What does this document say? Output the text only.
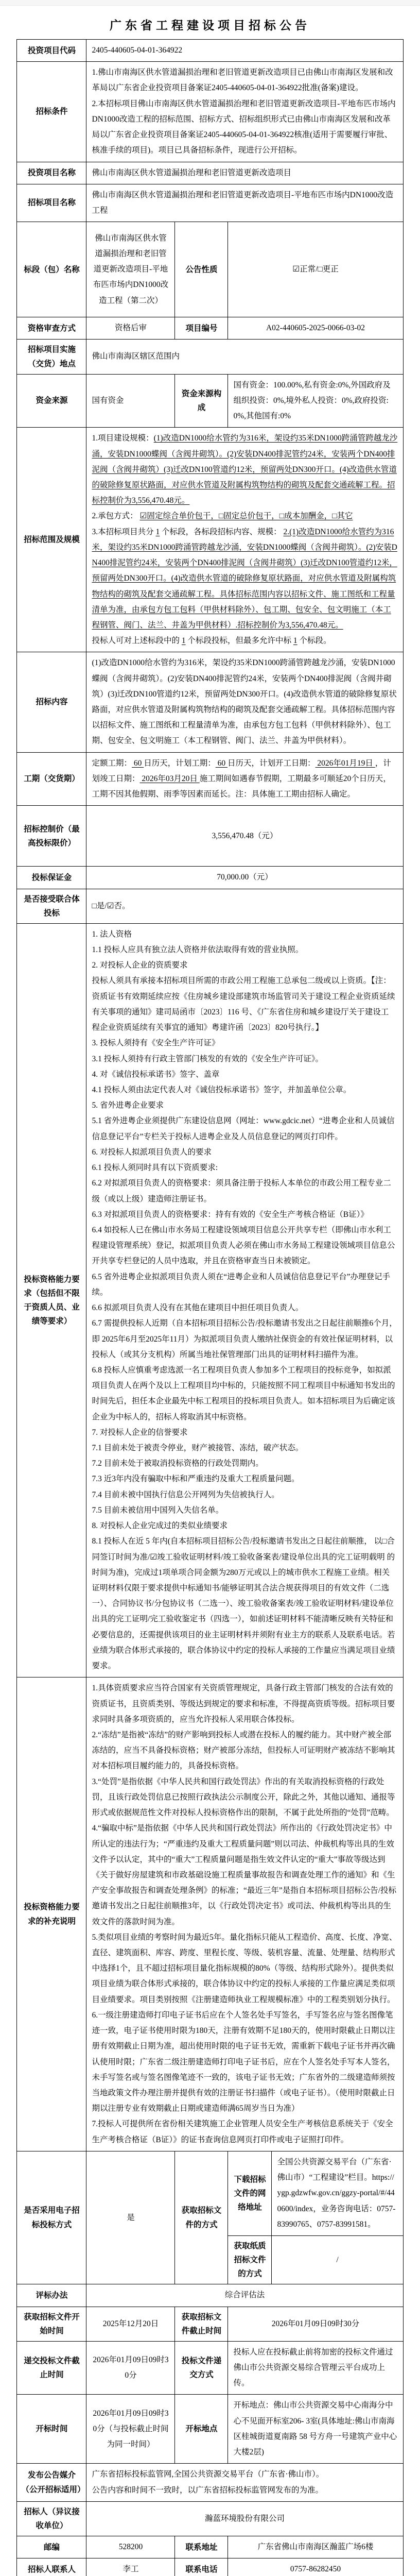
广东省工程建设项目招标公告
投资项目代码	2405-440605-04-01-364922			
招标条件	1.佛山市南海区供水管道漏损治理和老旧管道更新改造项目已由佛山市南海区发展和改革局以广东省企业投资项目备案证2405-440605-04-01-364922批准(备案)建设。

2.本招标项目佛山市南海区供水管道漏损治理和老旧管道更新改造项目-平地布匹市场内DN1000改造工程的招标范围、招标方式、招标组织形式已由佛山市南海区发展和改革局以广东省企业投资项目备案证2405-440605-04-01-364922核准(适用于需要履行审批、核准手续的项目)。项目已具备招标条件，现进行公开招标。			

投资项目名称	佛山市南海区供水管道漏损治理和老旧管道更新改造项目			
招标项目名称	佛山市南海区供水管道漏损治理和老旧管道更新改造项目-平地布匹市场内DN1000改造工程			
标段（包）名称	佛山市南海区供水管道漏损治理和老旧管道更新改造项目-平地布匹市场内DN1000改造工程（第二次）	公告性质	☑正常/□更正	
资格审查方式	资格后审	项目编号	A02-440605-2025-0066-03-02	
招标项目实施（交货）地点	佛山市南海区辖区范围内			
资金来源	国有资金	资金来源构成	国有资金：100.00%,私有资金:0%,外国政府及组织投资：0%,境外私人投资：0%,政府投资:0%,其他国有:0%	
招标范围及规模	1.项目建设规模：(1)改造DN1000给水管约为316米，架设约35米DN1000跨涌管跨越龙沙涌，安装DN1000蝶阀（含阀井砌筑）。(2)安装DN400排泥管约24米，安装两个DN400排泥阀（含阀井砌筑）(3)迁改DN100管道约12米，预留两处DN300开口。(4)改造供水管道的破除修复原状路面，对应供水管道及附属构筑物结构的砌筑及配套交通疏解工程。招标控制价为3,556,470.48元。

2.承包方式： ☑固定综合单价包干，□固定总价包干，□成本加酬金，□其它

3.本招标项目共分 1 个标段，各标段招标内容、规模： 2.(1)改造DN1000给水管约为316米，架设约35米DN1000跨涌管跨越龙沙涌，安装DN1000蝶阀（含阀井砌筑）。(2)安装DN400排泥管约24米，安装两个DN400排泥阀（含阀井砌筑）(3)迁改DN100管道约12米，预留两处DN300开口。(4)改造供水管道的破除修复原状路面，对应供水管道及附属构筑物结构的砌筑及配套交通疏解工程。具体招标范围内容以招标文件、施工图纸和工程量清单为准，由承包方包工包料（甲供材料除外）、包工期、包安全、包文明施工（本工程钢管、阀门、法兰、井盖为甲供材料）.招标控制价为3,556,470.48元。

投标人可对上述标段中的 1 个标段投标，但最多允许中标 1 个标段。			

招标内容	(1)改造DN1000给水管约为316米，架设约35米DN1000跨涌管跨越龙沙涌，安装DN1000蝶阀（含阀井砌筑）。(2)安装DN400排泥管约24米，安装两个DN400排泥阀（含阀井砌筑）(3)迁改DN100管道约12米，预留两处DN300开口。(4)改造供水管道的破除修复原状路面，对应供水管道及附属构筑物结构的砌筑及配套交通疏解工程。具体招标范围内容以招标文件、施工图纸和工程量清单为准，由承包方包工包料（甲供材料除外）、包工期、包安全、包文明施工（本工程钢管、阀门、法兰、井盖为甲供材料）。			
工期（交货期）	定额工期： 60 日历天，计划工期： 60 日历天，计划开工日期： 2026年01月19日 ，计划竣工日期： 2026年03月20日 施工期间如遇春节假期，工期最多可顺延20个日历天，工期不因其他假期、雨季等因素而延长。注：具体施工工期由招标人确定。			
招标控制价（最高投标限价）	3,556,470.48（元）			
投标保证金	70,000.00（元）			
是否接受联合体投标	□是/☑否。			
投标资格能力要求（包括但不限于资质人员、业绩等要求）	

1. 法人资格

1.1 投标人应具有独立法人资格并依法取得有效的营业执照。

2. 对投标人企业的资质要求

投标人须具有承接本招标项目所需的市政公用工程施工总承包二级或以上资质。【注：资质证书有效期延续应按《住房城乡建设部建筑市场监管司关于建设工程企业资质延续 有关事项的通知》建司局函市〔2023〕116 号、《广东省住房和城乡建设厅关于建设工 程企业资质延续有关事宜的通知》粤建许函〔2023〕820号执行。】

3. 投标人须持有《安全生产许可证》

3.1 投标人须持有行政主管部门核发的有效的《安全生产许可证》。

4. 对《诚信投标承诺书》签字、盖章

4.1 投标人须由法定代表人对《诚信投标承诺书》签字，并加盖单位公章。

5. 省外进粤企业要求

5.1 省外进粤企业须提供广东建设信息网（网址：www.gdcic.net）“进粤企业和人员诚信信息登记平台”专栏关于投标人进粤企业及人员信息登记的网页打印件。

6. 对投标人拟派项目负责人的要求

6.1 投标人须同时具有以下资质要求:

6.2 对拟派项目负责人的资格要求：须具备注册于投标人本单位的市政公用工程专业二级（或以上级）建造师注册证书。

6.3 对拟派项目负责人的资格要求：持有有效的《安全生产考核合格证（B证）》

6.4 如投标人已在佛山市水务局工程建设领域项目信息公开共享专栏（即佛山市水利工程建设管理系统）登记，拟派项目负责人必须在佛山市水务局工程建设领域项目信息公开共享专栏登记的人员中选取，并且在资格审查当日未被锁定。

6.5 省外进粤企业拟派项目负责人须在“进粤企业和人员诚信信息登记平台”办理登记手续。

6.6 拟派项目负责人没有在其他在建项目中担任项目负责人。

6.7 需提供投标人近期（自本招标项目招标公告/投标邀请书发出之日起往前顺推6个月，即 2025年6月至2025年11月）为拟派项目负责人缴纳社保资金的有效社保证明材料，以投标人（或其分支机构）所属当地社保管理部门出具的证明材料扫描件为准。

6.8 投标人应慎重考虑选派一名工程项目负责人参加多个工程项目的投标竞争，如拟派项目负责人在两个及以上工程项目均中标的，只能按照不同工程项目中标通知书发出的时间先后，担任本企业最先中标工程项目的投标项目负责人。如本招标项目为后确定该企业为中标人的，招标人将取消其中标资格。

7. 对投标人企业的信誉要求

7.1 目前未处于被责令停业，财产被接管、冻结，破产状态。

7.2 目前未处于被取消投标资格的行政处罚期内。

7.3 近3年内没有骗取中标和严重违约及重大工程质量问题。

7.4 目前未被中国执行信息公开网列为失信被执行人。

7.5 目前未被信用中国列入失信名单。

8. 对投标人企业完成过的类似业绩要求

8.1 投标人在近 5 年内(自本招标项目招标公告/投标邀请书发出之日起往前顺推， 以□合同签订时间为准/☑竣工验收证明材料/竣工验收备案表/建设单位出具的完工证明载明 的时间为准)，完成过1项单项合同金额为280万元或以上的城市供水工程施工业绩。相关证明材料仅限于要求提供中标通知书/能够证明其合法合规获得项目的有效文件（二选一）、合同协议书/分包协议书（二选一）、竣工验收备案表/竣工验收证明材料/建设单位出具的完工证明/完工验收鉴定书（四选一），如前述证明材料不能清晰反映有关特征和必要信息的，还需提供该项目的业主证明材料并须附有业主方的联系人及联系电话。若业绩为联合体形式承接的，联合体协议中约定的投标人承接的工作量应当满足项目业绩要求。

投标资格能力要求的补充说明	

1.具体资质要求应当符合国家有关资质管理规定，具备行政主管部门核发的合法有效的资质证书，且资质类别、等级达到规定的要求和标准，不得提高资质等级。招标项目要求同时具备多项资质的，应当允许投标人采用联合体投标。

2.“冻结”是指被“冻结”的财产影响到投标人或潜在投标人的履约能力。其中财产被全部冻结的，应当不具备投标资格；财产被部分冻结，但投标人可证明财产被冻结不影响其对本招标项目履约能力的，具备投标资格。

3.“处罚”是指依据《中华人民共和国行政处罚法》作出的有关取消投标资格的行政处罚，且该行政处罚信息已按照行政执法公示制度公开，除此之外，其他以通知、通报等形式或依据规范性文件对投标人投标资格作出的限制，不属于此处所指的“处罚”范畴。

4.“骗取中标”是指依据《中华人民共和国行政处罚法》所作出的《行政处罚决定书》中所认定的违法行为；“严重违约及重大工程质量问题”则以司法、仲裁机构等出具的生效文件予以认定，其中的“重大”工程质量问题是指生效文件认定的“重大”事故等级达到《关于做好房屋建筑和市政基础设施工程质量事故报告和调查处理工作的通知》和《生产安全事故报告和调查处理条例》的标准；“最近三年”是指自本招标项目招标公告/投标邀请书发出之日起往前顺推3年，以《行政处罚决定书》或司法、仲裁机构等出具的生效文件的落款时间为准。

5.类似项目业绩的考察时间为最近5年。量化指标只能从工程造价、高度、长度、净宽、直径、建筑面积、库容、跨度、里程长度、等级、装机容量、流量、处理量、结构形式中选择1个，且不超过招标项目量化指标规模的80%（等级、结构形式除外）。提供类似项目业绩为联合体形式承接的，联合体协议中约定的投标人承接的工作量应满足类似项目业绩要求。项目类别按照《注册建造师执业工程规模标准》中的工程类别划分执行。

6.一级注册建造师打印电子证书后应在个人签名处手写签名，手写签名应与签名图像笔迹一致，电子证书使用时限为180天，注册有效期不足180天的，使用时限截止日期以注册有效期截止日期为准，超出使用时限的电子证书无效，需重新下载电子证书并再次确认使用时限；广东省二级注册建造师打印电子证书后，应在个人签名处手写本人签名，未手写签名或与签名图像笔迹不一致的，该电子证书无效；广东省外的二级建造师须按当地政策文件办理注册并提供有效的注册证书扫描件（或电子证书）。（使用时限截止日期以注册专业有效期截止日期或建造师满65周岁当日为准）

7.投标人可提供所在省份相关建筑施工企业管理人员安全生产考核信息系统关于《安全生产考核合格证（B证）》的证书查询信息网页打印件或电子证照打印件。

是否采用电子招标投标方式	是	获取招标文件的方式	下载招标文件的网络地址	全国公共资源交易平台（广东省·佛山市）“工程建设”栏目。https://ygp.gdzwfw.gov.cn/ggzy-portal/#/440600/index，业务咨询电话：0757-83990765、0757-83991581。
			获取纸质招标文件的方式	/
评标办法	综合评估法			
获取招标文件开始时间	2025年12月20日	获取招标文件截止时间	2026年01月09日09时30分	
递交投标文件截止时间	2026年01月09日09时30分	投标文件递交方式	投标人应在投标截止前将加密的投标文件通过佛山市公共资源交易综合管理云平台成功上传。	
开标时间	2026年01月09日09时30分（与投标截止时间为同一时间）	开标地点	开标地点：佛山市公共资源交易中心南海分中心不见面开标室206- 3室(具体地址:佛山市南海区桂城街道夏南路 58 号方舟一号建筑产业中心大楼2层)	
发布公告媒介（公开招标适用）	广东省招标投标监管网,全国公共资源交易平台（广东省·佛山市）。

公告内容和时间不一致时，以广东省招标投标监管网发布的为准。			

招标人（异议接收单位）	瀚蓝环境股份有限公司			
邮编	528200	联系地址	广东省佛山市南海区瀚蓝广场6楼	
招标人联系人	李工	联系电话	0757-86282450	
